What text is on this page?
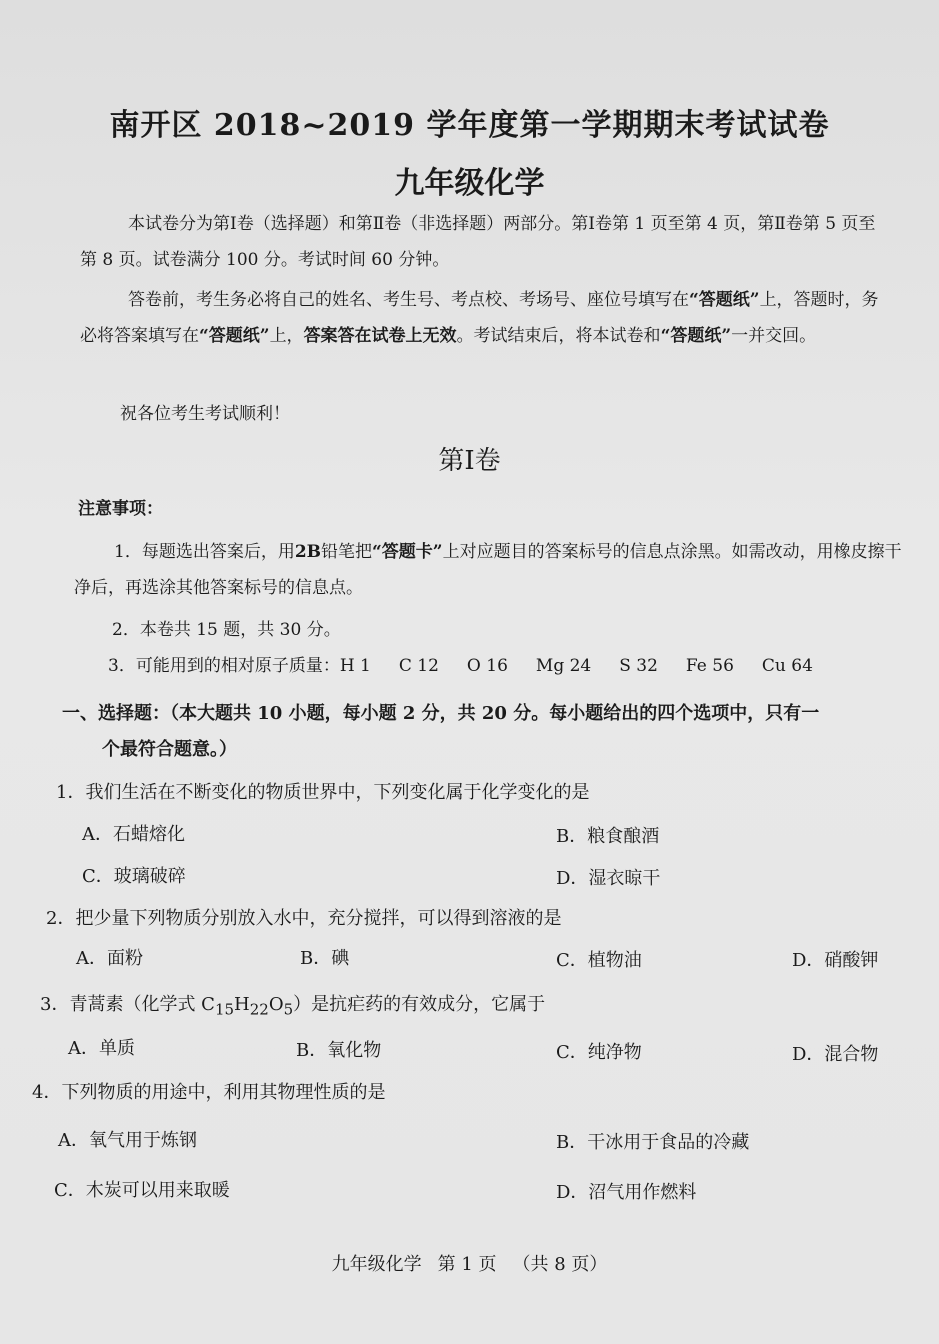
南开区 2018~2019 学年度第一学期期末考试试卷
九年级化学
本试卷分为第Ⅰ卷（选择题）和第Ⅱ卷（非选择题）两部分。第Ⅰ卷第 1 页至第 4 页，第Ⅱ卷第 5 页至第 8 页。试卷满分 100 分。考试时间 60 分钟。
答卷前，考生务必将自己的姓名、考生号、考点校、考场号、座位号填写在“答题纸”上，答题时，务必将答案填写在“答题纸”上，答案答在试卷上无效。考试结束后，将本试卷和“答题纸”一并交回。
祝各位考生考试顺利！
第Ⅰ卷
注意事项：
1．每题选出答案后，用2B铅笔把“答题卡”上对应题目的答案标号的信息点涂黑。如需改动，用橡皮擦干净后，再选涂其他答案标号的信息点。
2．本卷共 15 题，共 30 分。
3．可能用到的相对原子质量：H 1 C 12 O 16 Mg 24 S 32 Fe 56 Cu 64
一、选择题：（本大题共 10 小题，每小题 2 分，共 20 分。每小题给出的四个选项中，只有一
个最符合题意。）
1．我们生活在不断变化的物质世界中，下列变化属于化学变化的是
A．石蜡熔化	B．粮食酿酒
C．玻璃破碎	D．湿衣晾干
2．把少量下列物质分别放入水中，充分搅拌，可以得到溶液的是
A．面粉	B．碘	C．植物油	D．硝酸钾
3．青蒿素（化学式 $C_{15}H_{22}O_5$）是抗疟药的有效成分，它属于
A．单质	B．氧化物	C．纯净物	D．混合物
4．下列物质的用途中，利用其物理性质的是
A．氧气用于炼钢	B．干冰用于食品的冷藏
C．木炭可以用来取暖	D．沼气用作燃料
九年级化学 第 1 页 （共 8 页）
